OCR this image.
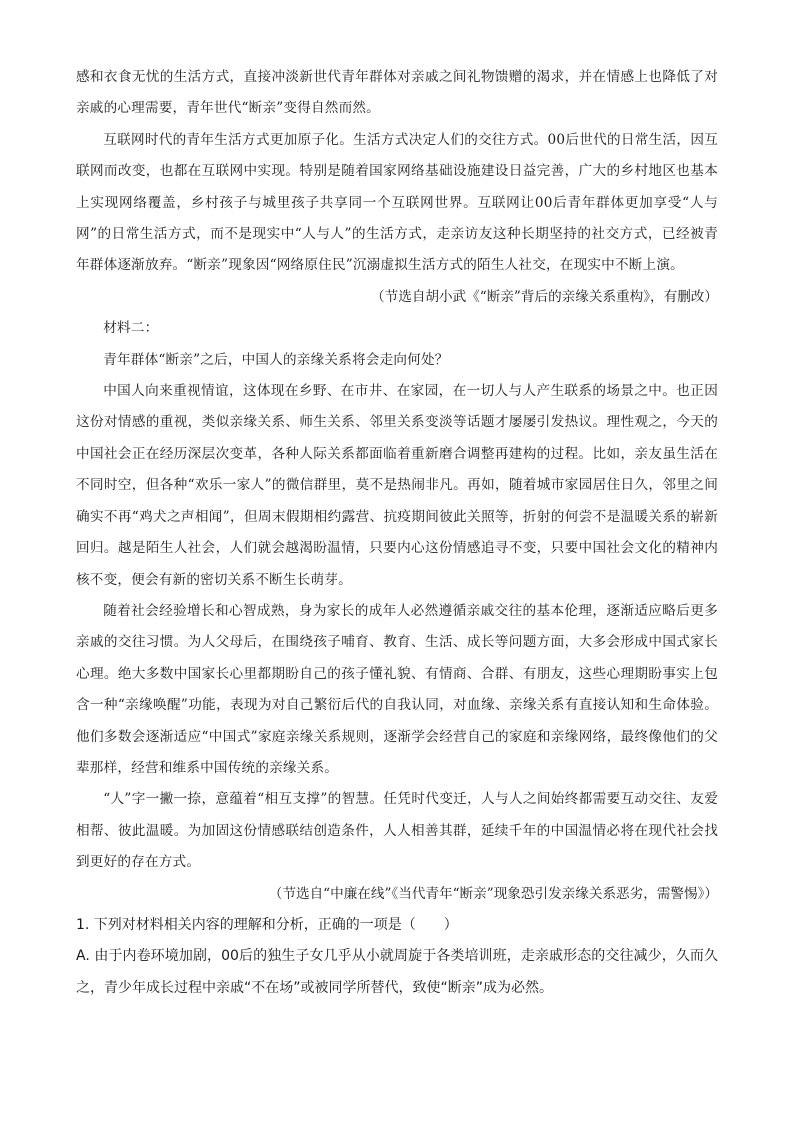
感和衣食无忧的生活方式，直接冲淡新世代青年群体对亲戚之间礼物馈赠的渴求，并在情感上也降低了对亲戚的心理需要，青年世代“断亲”变得自然而然。

互联网时代的青年生活方式更加原子化。生活方式决定人们的交往方式。00后世代的日常生活，因互联网而改变，也都在互联网中实现。特别是随着国家网络基础设施建设日益完善，广大的乡村地区也基本上实现网络覆盖，乡村孩子与城里孩子共享同一个互联网世界。互联网让00后青年群体更加享受“人与网”的日常生活方式，而不是现实中“人与人”的生活方式，走亲访友这种长期坚持的社交方式，已经被青年群体逐渐放弃。“断亲”现象因“网络原住民”沉溺虚拟生活方式的陌生人社交，在现实中不断上演。

（节选自胡小武《“断亲”背后的亲缘关系重构》，有删改）

材料二：

青年群体“断亲”之后，中国人的亲缘关系将会走向何处？

中国人向来重视情谊，这体现在乡野、在市井、在家园，在一切人与人产生联系的场景之中。也正因这份对情感的重视，类似亲缘关系、师生关系、邻里关系变淡等话题才屡屡引发热议。理性观之，今天的中国社会正在经历深层次变革，各种人际关系都面临着重新磨合调整再建构的过程。比如，亲友虽生活在不同时空，但各种“欢乐一家人”的微信群里，莫不是热闹非凡。再如，随着城市家园居住日久，邻里之间确实不再“鸡犬之声相闻”，但周末假期相约露营、抗疫期间彼此关照等，折射的何尝不是温暖关系的崭新回归。越是陌生人社会，人们就会越渴盼温情，只要内心这份情感追寻不变，只要中国社会文化的精神内核不变，便会有新的密切关系不断生长萌芽。

随着社会经验增长和心智成熟，身为家长的成年人必然遵循亲戚交往的基本伦理，逐渐适应略后更多亲戚的交往习惯。为人父母后，在围绕孩子哺育、教育、生活、成长等问题方面，大多会形成中国式家长心理。绝大多数中国家长心里都期盼自己的孩子懂礼貌、有情商、合群、有朋友，这些心理期盼事实上包含一种“亲缘唤醒”功能，表现为对自己繁衍后代的自我认同，对血缘、亲缘关系有直接认知和生命体验。他们多数会逐渐适应“中国式”家庭亲缘关系规则，逐渐学会经营自己的家庭和亲缘网络，最终像他们的父辈那样，经营和维系中国传统的亲缘关系。

“人”字一撇一捺，意蕴着“相互支撑”的智慧。任凭时代变迁，人与人之间始终都需要互动交往、友爱相帮、彼此温暖。为加固这份情感联结创造条件，人人相善其群，延续千年的中国温情必将在现代社会找到更好的存在方式。

（节选自“中廉在线”《当代青年“断亲”现象恐引发亲缘关系恶劣，需警惕》）

1. 下列对材料相关内容的理解和分析，正确的一项是（　　）

A. 由于内卷环境加剧，00后的独生子女几乎从小就周旋于各类培训班，走亲戚形态的交往减少，久而久之，青少年成长过程中亲戚“不在场”或被同学所替代，致使“断亲”成为必然。
